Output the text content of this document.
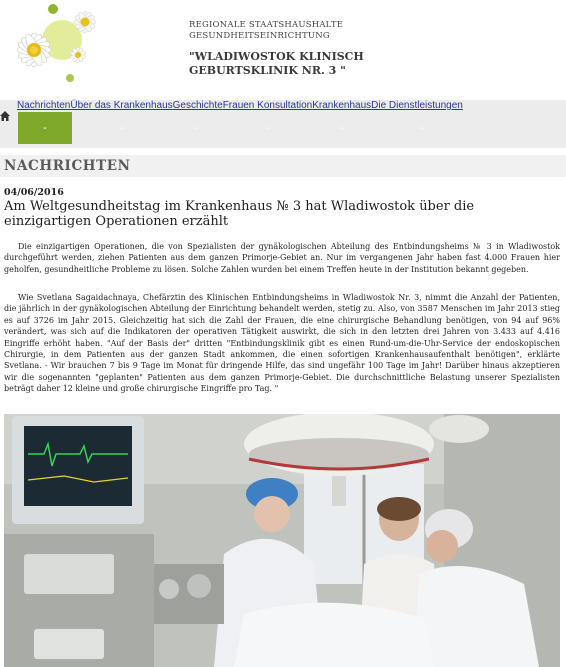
REGIONALE STAATSHAUSHALTE
GESUNDHEITSEINRICHTUNG
"WLADIWOSTOK KLINISCH
GEBURTSKLINIK NR. 3 "
NachrichtenÜber das KrankenhausGeschichteFrauen KonsultationKrankenhausDie Dienstleistungen
-	-	-	-	-	-
NACHRICHTEN
04/06/2016
Am Weltgesundheitstag im Krankenhaus № 3 hat Wladiwostok über die einzigartigen Operationen erzählt

Die einzigartigen Operationen, die von Spezialisten der gynäkologischen Abteilung des Entbindungsheims № 3 in Wladiwostok durchgeführt werden, ziehen Patienten aus dem ganzen Primorje-Gebiet an. Nur im vergangenen Jahr haben fast 4.000 Frauen hier geholfen, gesundheitliche Probleme zu lösen. Solche Zahlen wurden bei einem Treffen heute in der Institution bekannt gegeben.

Wie Svetlana Sagaidachnaya, Chefärztin des Klinischen Entbindungsheims in Wladiwostok Nr. 3, nimmt die Anzahl der Patienten, die jährlich in der gynäkologischen Abteilung der Einrichtung behandelt werden, stetig zu. Also, von 3587 Menschen im Jahr 2013 stieg es auf 3726 im Jahr 2015. Gleichzeitig hat sich die Zahl der Frauen, die eine chirurgische Behandlung benötigen, von 94 auf 96% verändert, was sich auf die Indikatoren der operativen Tätigkeit auswirkt, die sich in den letzten drei Jahren von 3.433 auf 4.416 Eingriffe erhöht haben. "Auf der Basis der" dritten "Entbindungsklinik gibt es einen Rund-um-die-Uhr-Service der endoskopischen Chirurgie, in dem Patienten aus der ganzen Stadt ankommen, die einen sofortigen Krankenhausaufenthalt benötigen", erklärte Svetlana. - Wir brauchen 7 bis 9 Tage im Monat für dringende Hilfe, das sind ungefähr 100 Tage im Jahr! Darüber hinaus akzeptieren wir die sogenannten "geplanten" Patienten aus dem ganzen Primorje-Gebiet. Die durchschnittliche Belastung unserer Spezialisten beträgt daher 12 kleine und große chirurgische Eingriffe pro Tag. "
